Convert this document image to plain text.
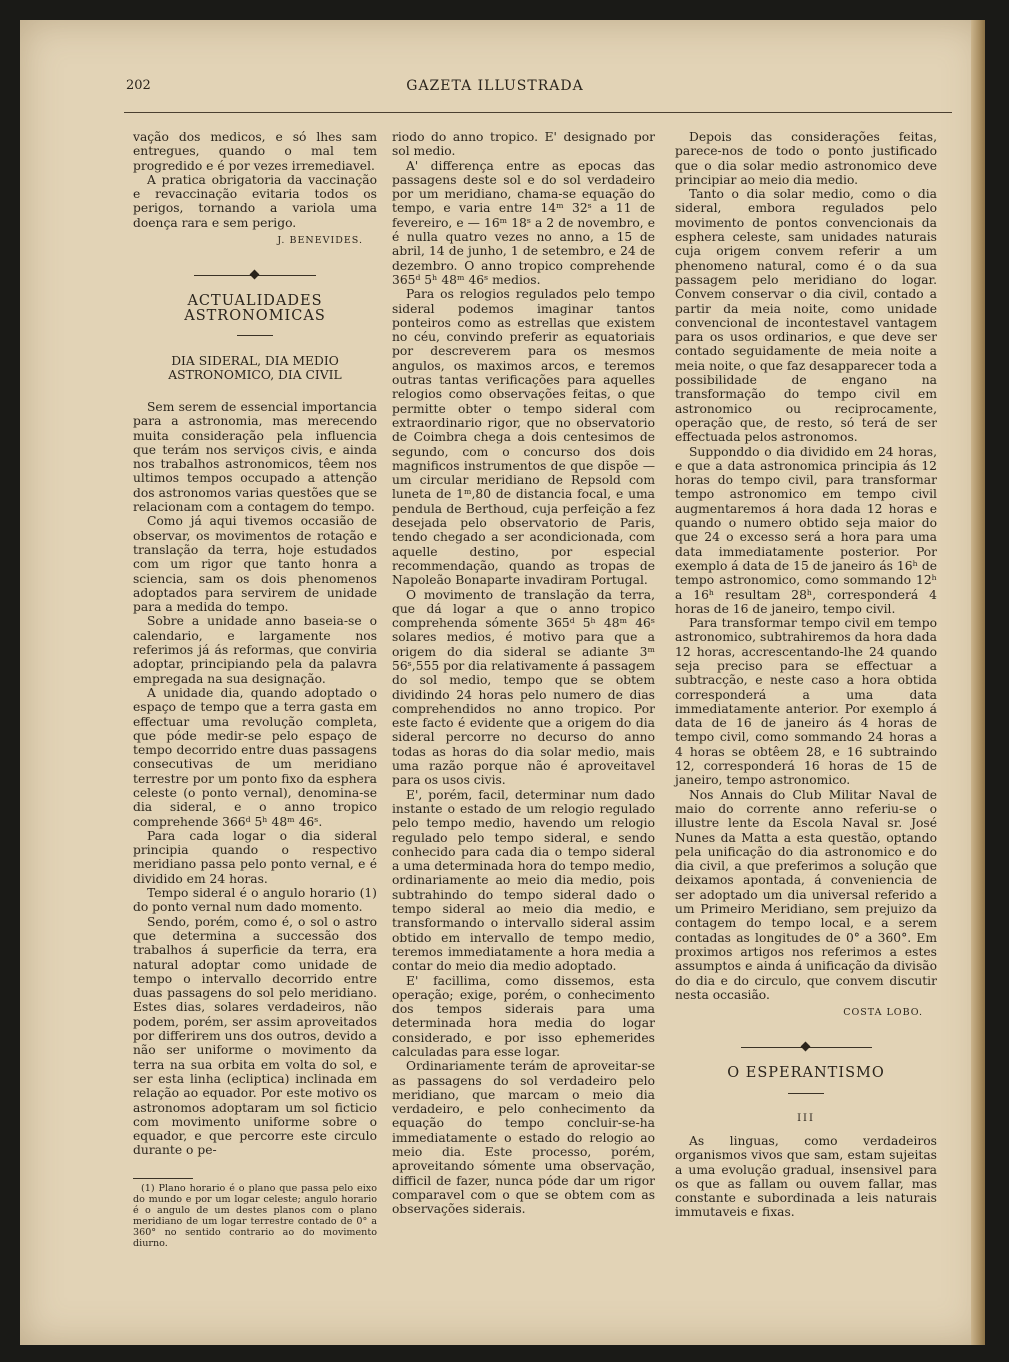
202	GAZETA ILLUSTRADA

vação dos medicos, e só lhes sam entregues, quando o mal tem progredido e é por vezes irremediavel.

A pratica obrigatoria da vaccinação e revaccinação evitaria todos os perigos, tornando a variola uma doença rara e sem perigo.

J. BENEVIDES.
ACTUALIDADES ASTRONOMICAS
DIA SIDERAL, DIA MEDIO ASTRONOMICO, DIA CIVIL

Sem serem de essencial importancia para a astronomia, mas merecendo muita consideração pela influencia que terám nos serviços civis, e ainda nos trabalhos astronomicos, têem nos ultimos tempos occupado a attenção dos astronomos varias questões que se relacionam com a contagem do tempo.

Como já aqui tivemos occasião de observar, os movimentos de rotação e translação da terra, hoje estudados com um rigor que tanto honra a sciencia, sam os dois phenomenos adoptados para servirem de unidade para a medida do tempo.

Sobre a unidade anno baseia-se o calendario, e largamente nos referimos já ás reformas, que conviria adoptar, principiando pela da palavra empregada na sua designação.

A unidade dia, quando adoptado o espaço de tempo que a terra gasta em effectuar uma revolução completa, que póde medir-se pelo espaço de tempo decorrido entre duas passagens consecutivas de um meridiano terrestre por um ponto fixo da esphera celeste (o ponto vernal), denomina-se dia sideral, e o anno tropico comprehende 366ᵈ 5ʰ 48ᵐ 46ˢ.

Para cada logar o dia sideral principia quando o respectivo meridiano passa pelo ponto vernal, e é dividido em 24 horas.

Tempo sideral é o angulo horario (1) do ponto vernal num dado momento.

Sendo, porém, como é, o sol o astro que determina a successão dos trabalhos á superficie da terra, era natural adoptar como unidade de tempo o intervallo decorrido entre duas passagens do sol pelo meridiano. Estes dias, solares verdadeiros, não podem, porém, ser assim aproveitados por differirem uns dos outros, devido a não ser uniforme o movimento da terra na sua orbita em volta do sol, e ser esta linha (ecliptica) inclinada em relação ao equador. Por este motivo os astronomos adoptaram um sol ficticio com movimento uniforme sobre o equador, e que percorre este circulo durante o pe-

(1) Plano horario é o plano que passa pelo eixo do mundo e por um logar celeste; angulo horario é o angulo de um destes planos com o plano meridiano de um logar terrestre contado de 0° a 360° no sentido contrario ao do movimento diurno.

riodo do anno tropico. E' designado por sol medio.

A' differença entre as epocas das passagens deste sol e do sol verdadeiro por um meridiano, chama-se equação do tempo, e varia entre 14ᵐ 32ˢ a 11 de fevereiro, e — 16ᵐ 18ˢ a 2 de novembro, e é nulla quatro vezes no anno, a 15 de abril, 14 de junho, 1 de setembro, e 24 de dezembro. O anno tropico comprehende 365ᵈ 5ʰ 48ᵐ 46ˢ medios.

Para os relogios regulados pelo tempo sideral podemos imaginar tantos ponteiros como as estrellas que existem no céu, convindo preferir as equatoriais por descreverem para os mesmos angulos, os maximos arcos, e teremos outras tantas verificações para aquelles relogios como observações feitas, o que permitte obter o tempo sideral com extraordinario rigor, que no observatorio de Coimbra chega a dois centesimos de segundo, com o concurso dos dois magnificos instrumentos de que dispõe — um circular meridiano de Repsold com luneta de 1ᵐ,80 de distancia focal, e uma pendula de Berthoud, cuja perfeição a fez desejada pelo observatorio de Paris, tendo chegado a ser acondicionada, com aquelle destino, por especial recommendação, quando as tropas de Napoleão Bonaparte invadiram Portugal.

O movimento de translação da terra, que dá logar a que o anno tropico comprehenda sómente 365ᵈ 5ʰ 48ᵐ 46ˢ solares medios, é motivo para que a origem do dia sideral se adiante 3ᵐ 56ˢ,555 por dia relativamente á passagem do sol medio, tempo que se obtem dividindo 24 horas pelo numero de dias comprehendidos no anno tropico. Por este facto é evidente que a origem do dia sideral percorre no decurso do anno todas as horas do dia solar medio, mais uma razão porque não é aproveitavel para os usos civis.

E', porém, facil, determinar num dado instante o estado de um relogio regulado pelo tempo medio, havendo um relogio regulado pelo tempo sideral, e sendo conhecido para cada dia o tempo sideral a uma determinada hora do tempo medio, ordinariamente ao meio dia medio, pois subtrahindo do tempo sideral dado o tempo sideral ao meio dia medio, e transformando o intervallo sideral assim obtido em intervallo de tempo medio, teremos immediatamente a hora media a contar do meio dia medio adoptado.

E' facillima, como dissemos, esta operação; exige, porém, o conhecimento dos tempos siderais para uma determinada hora media do logar considerado, e por isso ephemerides calculadas para esse logar.

Ordinariamente terám de aproveitar-se as passagens do sol verdadeiro pelo meridiano, que marcam o meio dia verdadeiro, e pelo conhecimento da equação do tempo concluir-se-ha immediatamente o estado do relogio ao meio dia. Este processo, porém, aproveitando sómente uma observação, difficil de fazer, nunca póde dar um rigor comparavel com o que se obtem com as observações siderais.

Depois das considerações feitas, parece-nos de todo o ponto justificado que o dia solar medio astronomico deve principiar ao meio dia medio.

Tanto o dia solar medio, como o dia sideral, embora regulados pelo movimento de pontos convencionais da esphera celeste, sam unidades naturais cuja origem convem referir a um phenomeno natural, como é o da sua passagem pelo meridiano do logar. Convem conservar o dia civil, contado a partir da meia noite, como unidade convencional de incontestavel vantagem para os usos ordinarios, e que deve ser contado seguidamente de meia noite a meia noite, o que faz desapparecer toda a possibilidade de engano na transformação do tempo civil em astronomico ou reciprocamente, operação que, de resto, só terá de ser effectuada pelos astronomos.

Supponddo o dia dividido em 24 horas, e que a data astronomica principia ás 12 horas do tempo civil, para transformar tempo astronomico em tempo civil augmentaremos á hora dada 12 horas e quando o numero obtido seja maior do que 24 o excesso será a hora para uma data immediatamente posterior. Por exemplo á data de 15 de janeiro ás 16ʰ de tempo astronomico, como sommando 12ʰ a 16ʰ resultam 28ʰ, corresponderá 4 horas de 16 de janeiro, tempo civil.

Para transformar tempo civil em tempo astronomico, subtrahiremos da hora dada 12 horas, accrescentando-lhe 24 quando seja preciso para se effectuar a subtracção, e neste caso a hora obtida corresponderá a uma data immediatamente anterior. Por exemplo á data de 16 de janeiro ás 4 horas de tempo civil, como sommando 24 horas a 4 horas se obtêem 28, e 16 subtraindo 12, corresponderá 16 horas de 15 de janeiro, tempo astronomico.

Nos Annais do Club Militar Naval de maio do corrente anno referiu-se o illustre lente da Escola Naval sr. José Nunes da Matta a esta questão, optando pela unificação do dia astronomico e do dia civil, a que preferimos a solução que deixamos apontada, á conveniencia de ser adoptado um dia universal referido a um Primeiro Meridiano, sem prejuizo da contagem do tempo local, e a serem contadas as longitudes de 0° a 360°. Em proximos artigos nos referimos a estes assumptos e ainda á unificação da divisão do dia e do circulo, que convem discutir nesta occasião.

COSTA LOBO.
O ESPERANTISMO
III

As linguas, como verdadeiros organismos vivos que sam, estam sujeitas a uma evolução gradual, insensivel para os que as fallam ou ouvem fallar, mas constante e subordinada a leis naturais immutaveis e fixas.
